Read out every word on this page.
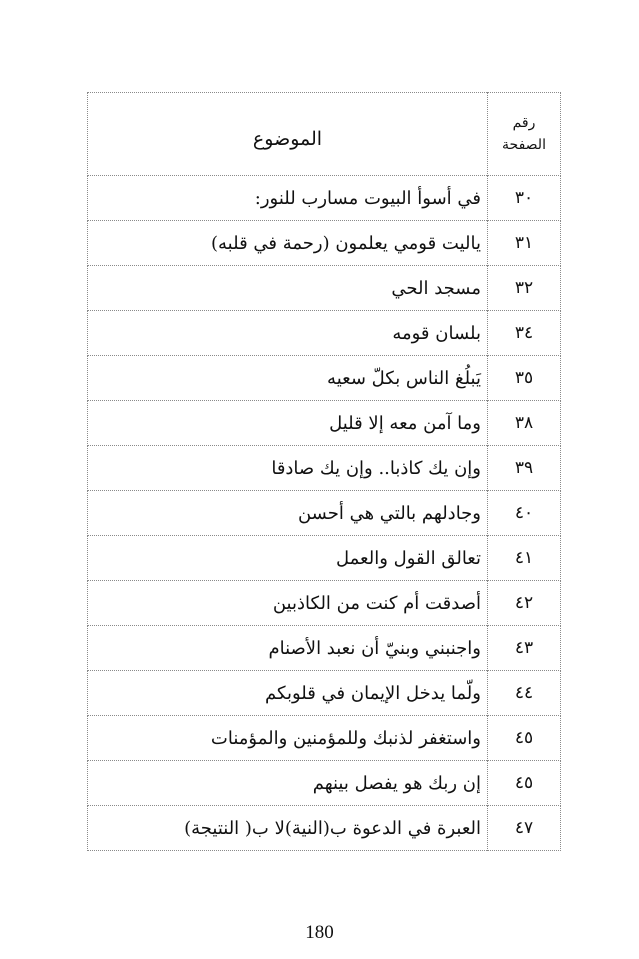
رقم
الصفحة	الموضوع
٣٠	في أسوأ البيوت مسارب للنور:
٣١	ياليت قومي يعلمون (رحمة في قلبه)
٣٢	مسجد الحي
٣٤	بلسان قومه
٣٥	يَبلُغ الناس بكلّ سعيه
٣٨	وما آمن معه إلا قليل
٣٩	وإن يك كاذبا.. وإن يك صادقا
٤٠	وجادلهم بالتي هي أحسن
٤١	تعالق القول والعمل
٤٢	أصدقت أم كنت من الكاذبين
٤٣	واجنبني وبنيّ أن نعبد الأصنام
٤٤	ولّما يدخل الإيمان في قلوبكم
٤٥	واستغفر لذنبك وللمؤمنين والمؤمنات
٤٥	إن ربك هو يفصل بينهم
٤٧	العبرة في الدعوة ب(النية)لا ب( النتيجة)
180
